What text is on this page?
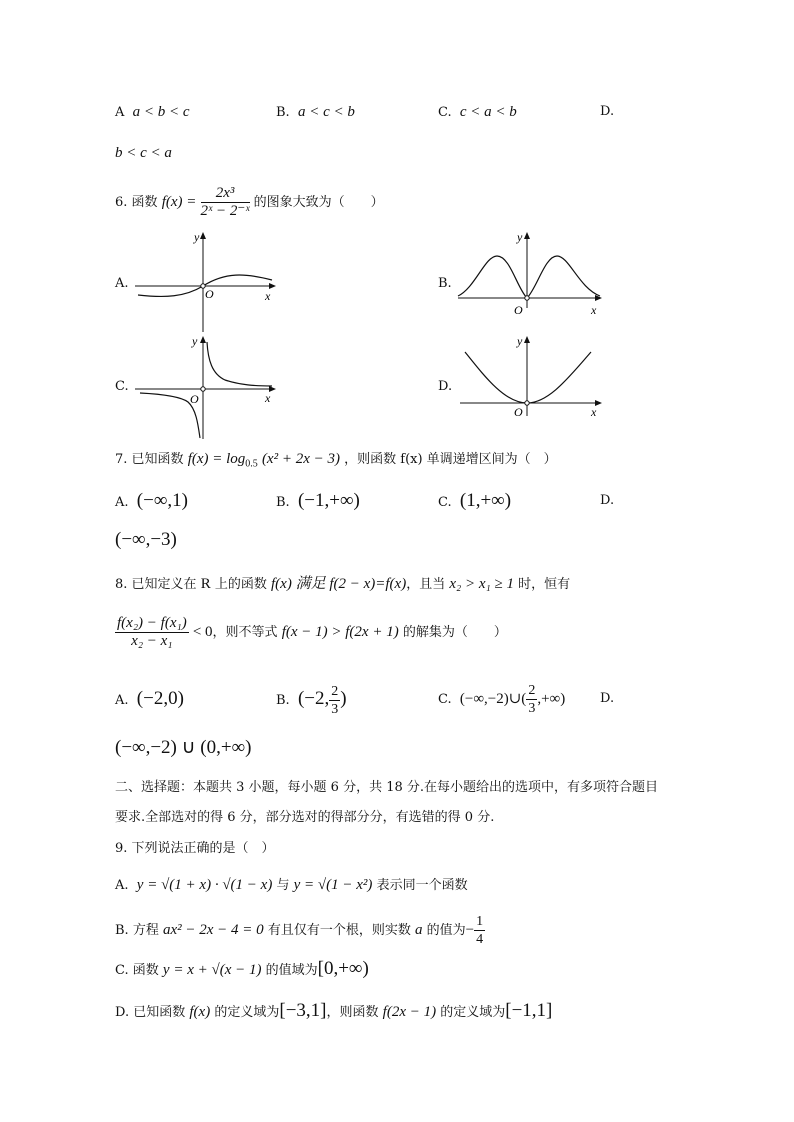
A a < b < c	B. a < c < b	C. c < a < b	D.
b < c < a
6. 函数 $f(x) = \frac{\text{2x³}}{\text{2ˣ − 2⁻ˣ}}$ 的图象大致为（　　）
A.	B.
C.	D.
y
x
O
y
x
O
y
x
O
y
x
O
7. 已知函数 $f(x) = \log_{0.5} (x^2 + 2x - 3)$ ，则函数 f(x) 单调递增区间为（　）
A. (−∞,1)	B. (−1,+∞)	C. (1,+∞)	D.
(−∞,−3)
8. 已知定义在 R 上的函数 f(x) 满足 f(2 − x)=f(x)，且当 x₂ > x₁ ≥ 1 时，恒有
$\frac{\text{f(x₂) − f(x₁)}}{\text{x₂ − x₁}} < 0$，则不等式 f(x − 1) > f(2x + 1) 的解集为（　　）
A. (−2,0)	B. (−2, $\frac{2}{3}$ )	C. (−∞,−2)∪( $\frac{2}{3}$ ,+∞)	D.
(−∞,−2) ∪ (0,+∞)
二、选择题：本题共 3 小题，每小题 6 分，共 18 分.在每小题给出的选项中，有多项符合题目
要求.全部选对的得 6 分，部分选对的得部分分，有选错的得 0 分.
9. 下列说法正确的是（　）
A. y = √(1 + x) · √(1 − x) 与 y = √(1 − x²) 表示同一个函数
B. 方程 ax² − 2x − 4 = 0 有且仅有一个根，则实数 a 的值为− $\frac{1}{4}$
C. 函数 y = x + √(x − 1) 的值域为[0,+∞)
D. 已知函数 f(x) 的定义域为[−3,1]，则函数 f(2x − 1) 的定义域为[−1,1]
